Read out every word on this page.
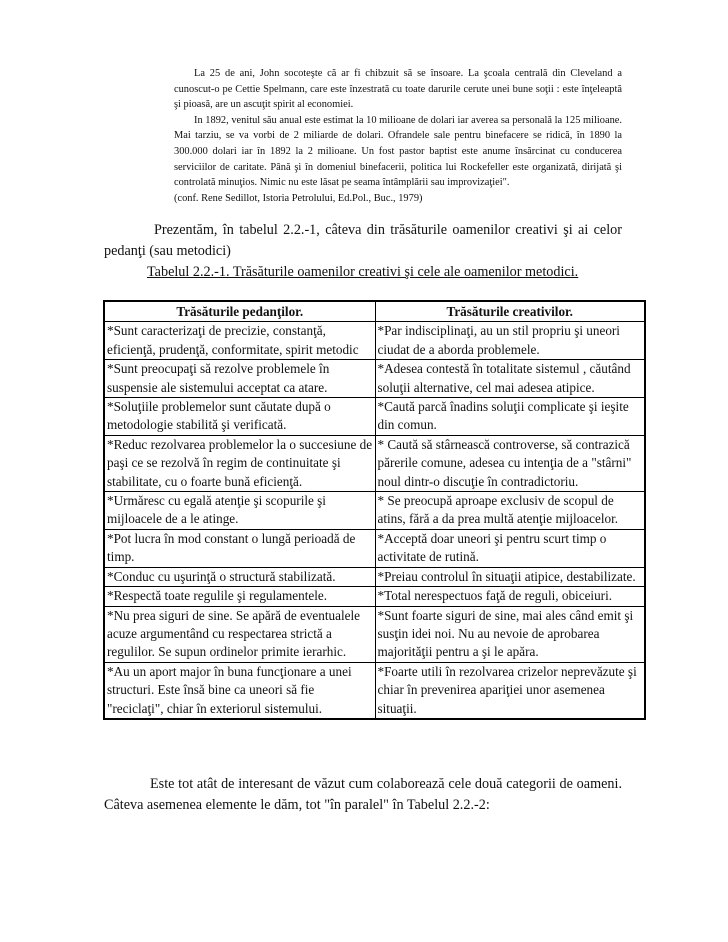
La 25 de ani, John socoteşte că ar fi chibzuit să se însoare. La şcoala centrală din Cleveland a cunoscut-o pe Cettie Spelmann, care este înzestrată cu toate darurile cerute unei bune soţii : este înţeleaptă şi pioasă, are un ascuţit spirit al economiei.

In 1892, venitul său anual este estimat la 10 milioane de dolari iar averea sa personală la 125 milioane. Mai tarziu, se va vorbi de 2 miliarde de dolari. Ofrandele sale pentru binefacere se ridică, în 1890 la 300.000 dolari iar în 1892 la 2 milioane. Un fost pastor baptist este anume însărcinat cu conducerea serviciilor de caritate. Până şi în domeniul binefacerii, politica lui Rockefeller este organizată, dirijată şi controlată minuţios. Nimic nu este lăsat pe seama întâmplării sau improvizaţiei".

(conf. Rene Sedillot, Istoria Petrolului, Ed.Pol., Buc., 1979)

Prezentăm, în tabelul 2.2.-1, câteva din trăsăturile oamenilor creativi şi ai celor pedanţi (sau metodici)

Tabelul 2.2.-1. Trăsăturile oamenilor creativi şi cele ale oamenilor metodici.

Trăsăturile pedanţilor.	Trăsăturile creativilor.
*Sunt caracterizaţi de precizie, constanţă, eficienţă, prudenţă, conformitate, spirit metodic	*Par indisciplinaţi, au un stil propriu şi uneori ciudat de a aborda problemele.
*Sunt preocupaţi să rezolve problemele în suspensie ale sistemului acceptat ca atare.	*Adesea contestă în totalitate sistemul , căutând soluţii alternative, cel mai adesea atipice.
*Soluţiile problemelor sunt căutate după o metodologie stabilită şi verificată.	*Caută parcă înadins soluţii complicate şi ieşite din comun.
*Reduc rezolvarea problemelor la o succesiune de paşi ce se rezolvă în regim de continuitate şi stabilitate, cu o foarte bună eficienţă.	* Caută să stârnească controverse, să contrazică părerile comune, adesea cu intenţia de a "stârni" noul dintr-o discuţie în contradictoriu.
*Urmăresc cu egală atenţie şi scopurile şi mijloacele de a le atinge.	* Se preocupă aproape exclusiv de scopul de atins, fără a da prea multă atenţie mijloacelor.
*Pot lucra în mod constant o lungă perioadă de timp.	*Acceptă doar uneori şi pentru scurt timp o activitate de rutină.
*Conduc cu uşurinţă o structură stabilizată.	*Preiau controlul în situaţii atipice, destabilizate.
*Respectă toate regulile şi regulamentele.	*Total nerespectuos faţă de reguli, obiceiuri.
*Nu prea siguri de sine. Se apără de eventualele acuze argumentând cu respectarea strictă a regulilor. Se supun ordinelor primite ierarhic.	*Sunt foarte siguri de sine, mai ales când emit şi susţin idei noi. Nu au nevoie de aprobarea majorităţii pentru a şi le apăra.
*Au un aport major în buna funcţionare a unei structuri. Este însă bine ca uneori să fie "reciclaţi", chiar în exteriorul sistemului.	*Foarte utili în rezolvarea crizelor neprevăzute şi chiar în prevenirea apariţiei unor asemenea situaţii.

Este tot atât de interesant de văzut cum colaborează cele două categorii de oameni. Câteva asemenea elemente le dăm, tot "în paralel" în Tabelul 2.2.-2:
